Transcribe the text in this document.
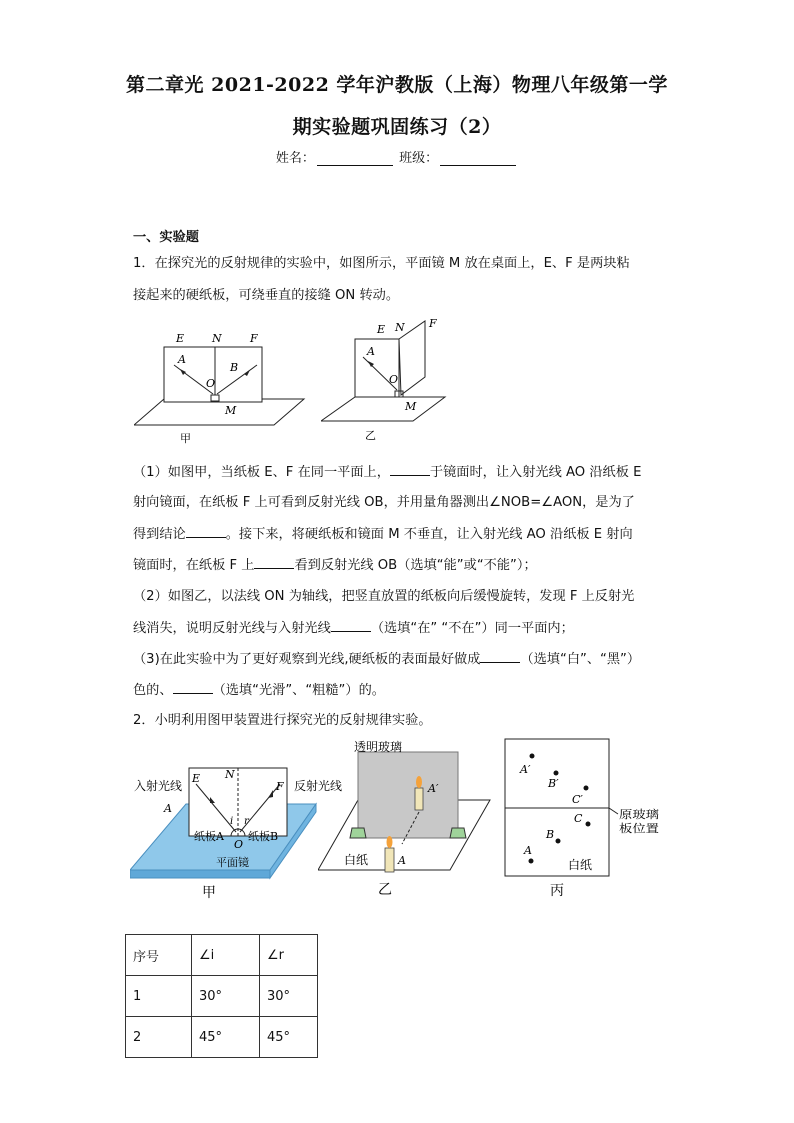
第二章光 2021-2022 学年沪教版（上海）物理八年级第一学
期实验题巩固练习（2）
姓名：	班级：
一、实验题
1．在探究光的反射规律的实验中，如图所示，平面镜 M 放在桌面上，E、F 是两块粘
接起来的硬纸板，可绕垂直的接缝 ON 转动。
E	N	F
A
B
O
M
甲
E N F
A
O
M
乙
（1）如图甲，当纸板 E、F 在同一平面上，	于镜面时，让入射光线 AO 沿纸板 E
射向镜面，在纸板 F 上可看到反射光线 OB，并用量角器测出∠NOB=∠AON，是为了
得到结论	。接下来，将硬纸板和镜面 M 不垂直，让入射光线 AO 沿纸板 E 射向
镜面时，在纸板 F 上	看到反射光线 OB（选填“能”或“不能”）；
（2）如图乙，以法线 ON 为轴线，把竖直放置的纸板向后缓慢旋转，发现 F 上反射光
线消失，说明反射光线与入射光线	（选填“在” “不在”）同一平面内；
（3)在此实验中为了更好观察到光线,硬纸板的表面最好做成	（选填“白”、“黑”）
色的、	（选填“光滑”、“粗糙”）的。
2．小明利用图甲装置进行探究光的反射规律实验。
入射光线	反射光线
A
E N
F
i r
纸板A 纸板B
O
平面镜
甲
透明玻璃
A′
白纸	A
乙
A′
B′
C′
C
B
A
白纸
原玻璃
板位置
丙
序号	∠i	∠r
1	30°	30°
2	45°	45°
